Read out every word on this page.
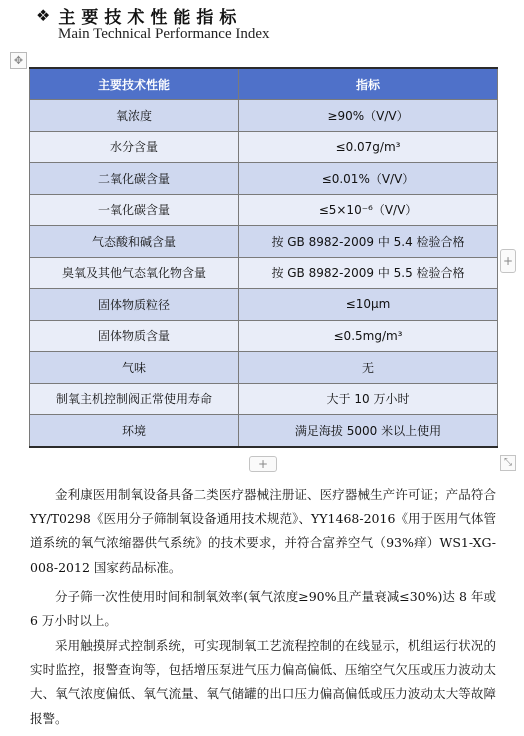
❖ 主要技术性能指标
Main Technical Performance Index
✥
主要技术性能	指标
氧浓度	≥90%（V/V）
水分含量	≤0.07g/m³
二氧化碳含量	≤0.01%（V/V）
一氧化碳含量	≤5×10⁻⁶（V/V）
气态酸和碱含量	按 GB 8982-2009 中 5.4 检验合格
臭氧及其他气态氧化物含量	按 GB 8982-2009 中 5.5 检验合格
固体物质粒径	≤10μm
固体物质含量	≤0.5mg/m³
气味	无
制氧主机控制阀正常使用寿命	大于 10 万小时
环境	满足海拔 5000 米以上使用
+
+	⤡

金利康医用制氧设备具备二类医疗器械注册证、医疗器械生产许可证；产品符合 YY/T0298《医用分子筛制氧设备通用技术规范》、YY1468-2016《用于医用气体管道系统的氧气浓缩器供气系统》的技术要求，并符合富养空气（93%痒）WS1-XG-008-2012 国家药品标准。

分子筛一次性使用时间和制氧效率(氧气浓度≥90%且产量衰减≤30%)达 8 年或 6 万小时以上。

采用触摸屏式控制系统，可实现制氧工艺流程控制的在线显示，机组运行状况的实时监控，报警查询等，包括增压泵进气压力偏高偏低、压缩空气欠压或压力波动太大、氧气浓度偏低、氧气流量、氧气储罐的出口压力偏高偏低或压力波动太大等故障报警。
